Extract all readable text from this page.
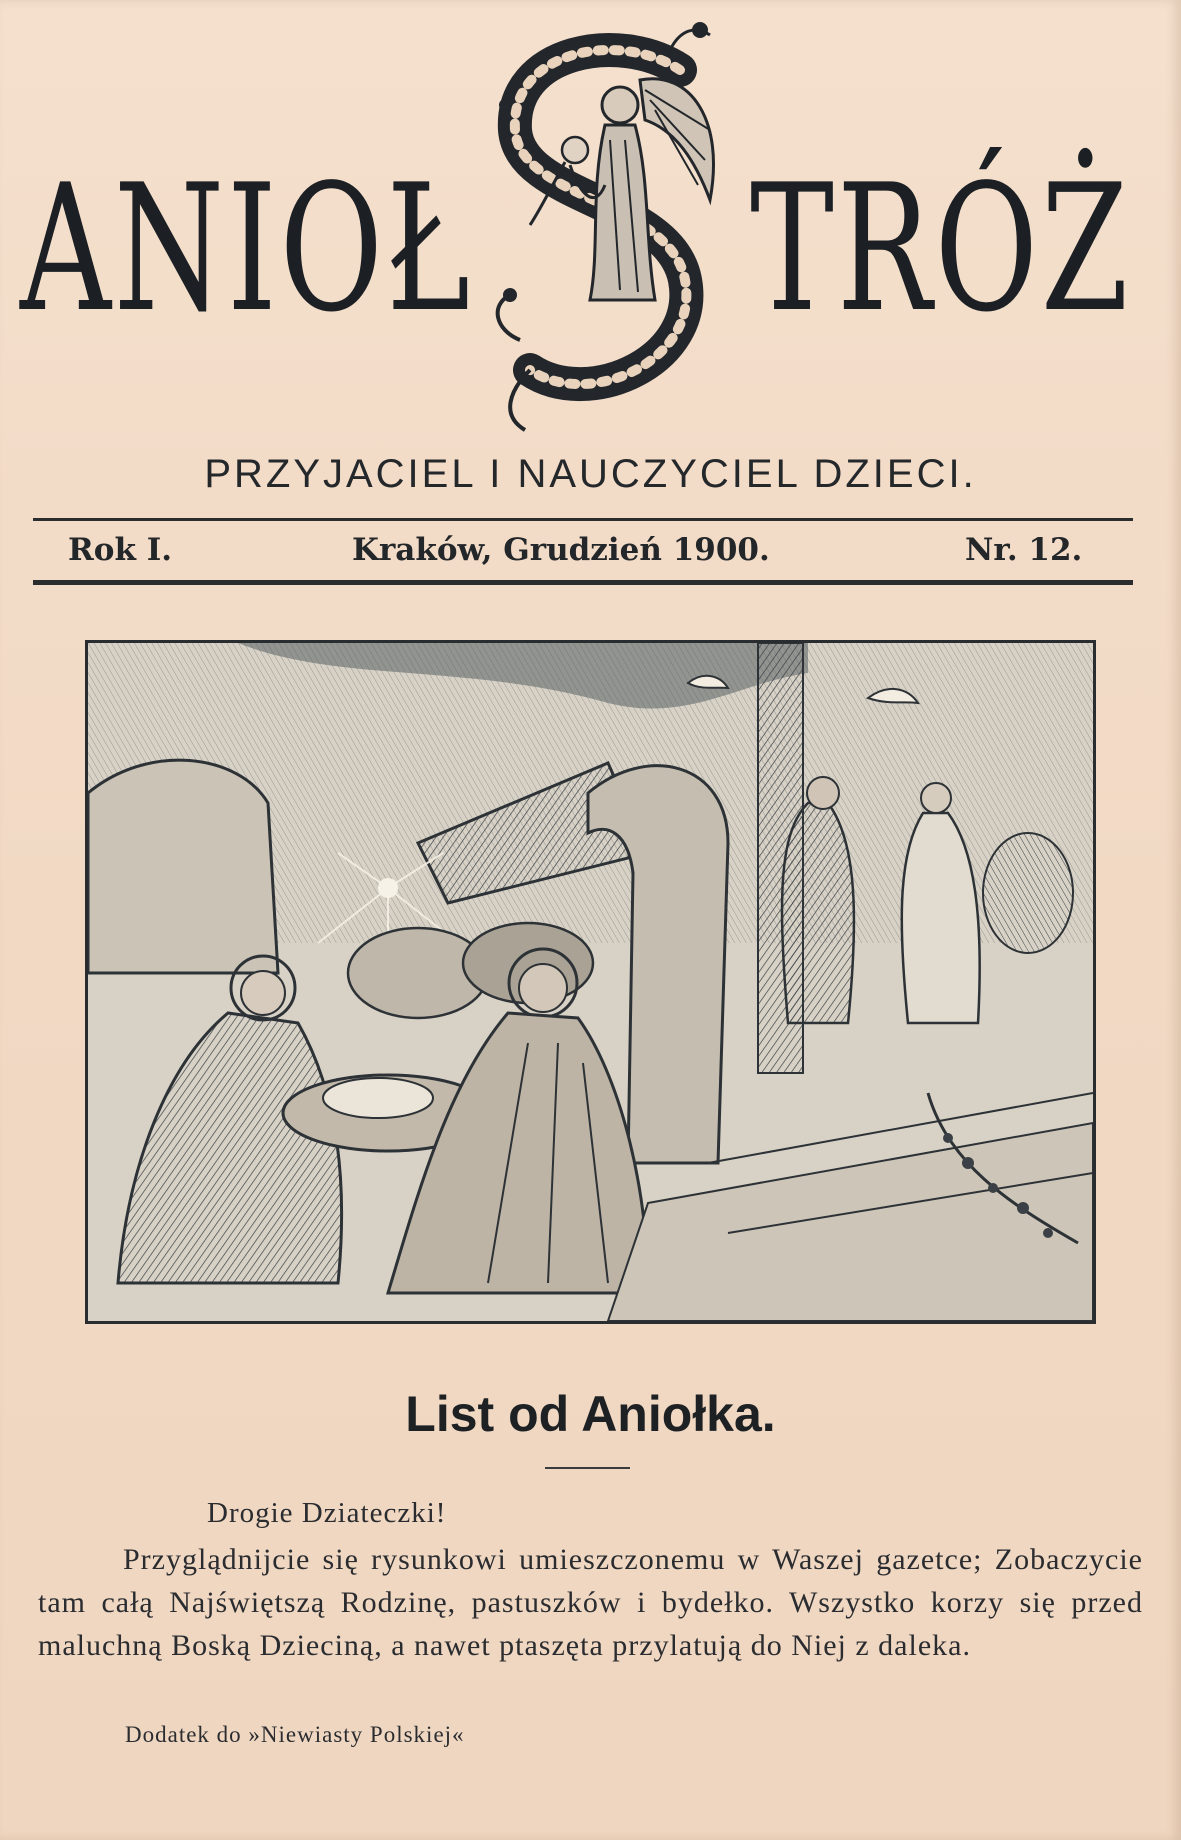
ANIOŁ TRÓŻ
PRZYJACIEL I NAUCZYCIEL DZIECI.
Rok I.	Kraków, Grudzień 1900.	Nr. 12.
List od Aniołka.
Drogie Dziateczki!

Przyglądnijcie się rysunkowi umieszczonemu w Waszej gazetce; Zobaczycie tam całą Najświętszą Rodzinę, pastuszków i bydełko. Wszystko korzy się przed maluchną Boską Dzieciną, a nawet ptaszęta przylatują do Niej z daleka.

Dodatek do »Niewiasty Polskiej«
